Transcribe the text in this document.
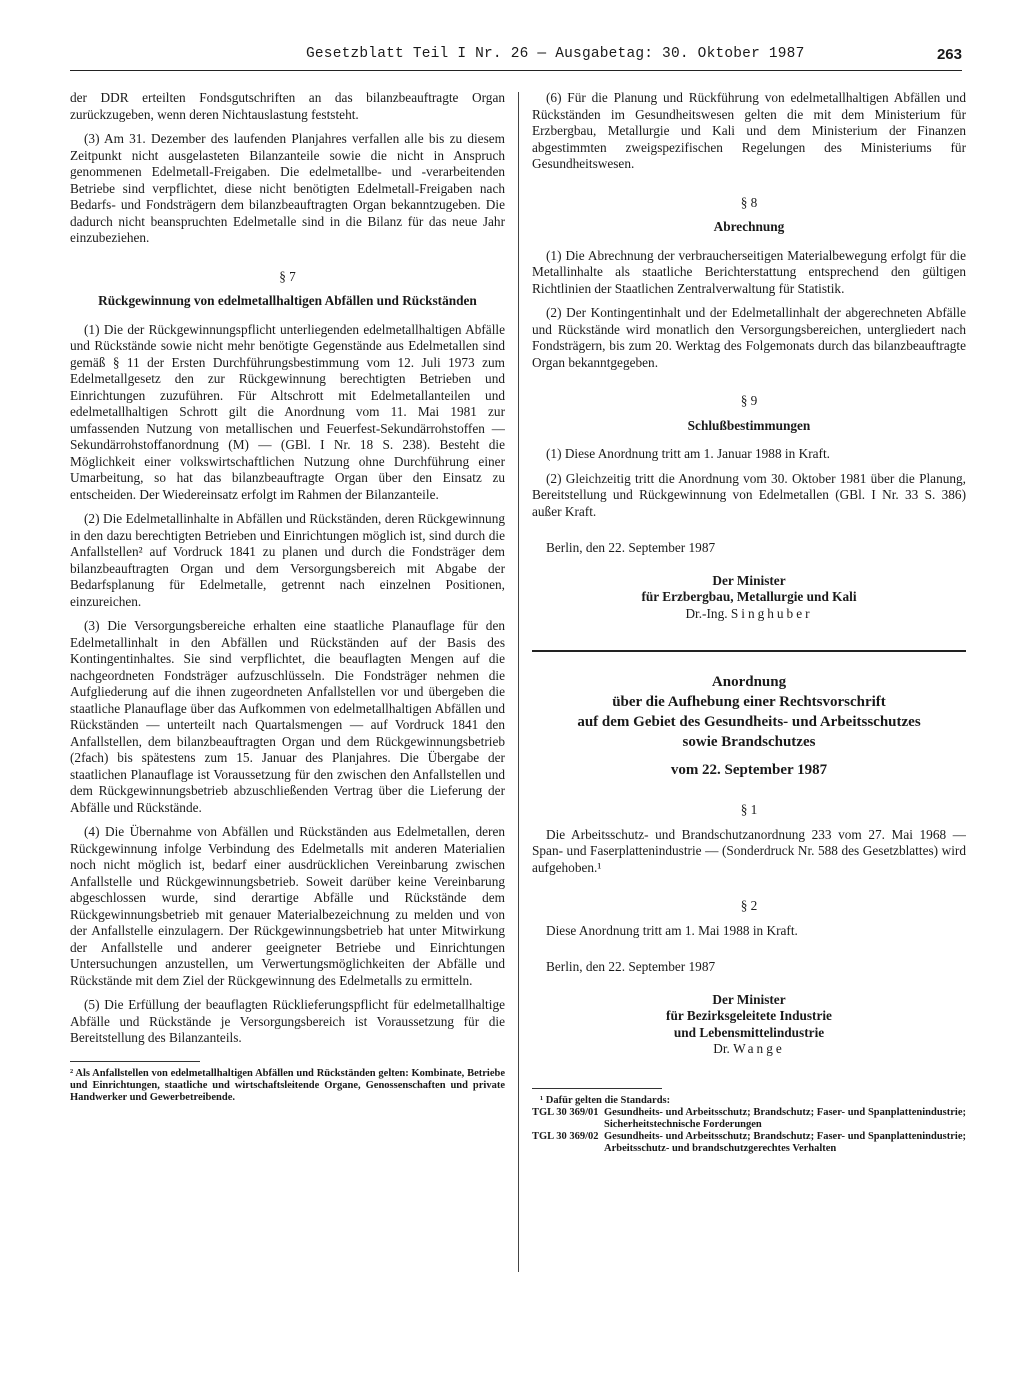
Gesetzblatt Teil I Nr. 26 — Ausgabetag: 30. Oktober 1987	263

der DDR erteilten Fondsgutschriften an das bilanzbeauftragte Organ zurückzugeben, wenn deren Nichtauslastung feststeht.

(3) Am 31. Dezember des laufenden Planjahres verfallen alle bis zu diesem Zeitpunkt nicht ausgelasteten Bilanzanteile sowie die nicht in Anspruch genommenen Edelmetall-Freigaben. Die edelmetallbe- und -verarbeitenden Betriebe sind verpflichtet, diese nicht benötigten Edelmetall-Freigaben nach Bedarfs- und Fondsträgern dem bilanzbeauftragten Organ bekanntzugeben. Die dadurch nicht beanspruchten Edelmetalle sind in die Bilanz für das neue Jahr einzubeziehen.

§ 7

Rückgewinnung von edelmetallhaltigen Abfällen und Rückständen

(1) Die der Rückgewinnungspflicht unterliegenden edelmetallhaltigen Abfälle und Rückstände sowie nicht mehr benötigte Gegenstände aus Edelmetallen sind gemäß § 11 der Ersten Durchführungsbestimmung vom 12. Juli 1973 zum Edelmetallgesetz den zur Rückgewinnung berechtigten Betrieben und Einrichtungen zuzuführen. Für Altschrott mit Edelmetallanteilen und edelmetallhaltigen Schrott gilt die Anordnung vom 11. Mai 1981 zur umfassenden Nutzung von metallischen und Feuerfest-Sekundärrohstoffen — Sekundärrohstoffanordnung (M) — (GBl. I Nr. 18 S. 238). Besteht die Möglichkeit einer volkswirtschaftlichen Nutzung ohne Durchführung einer Umarbeitung, so hat das bilanzbeauftragte Organ über den Einsatz zu entscheiden. Der Wiedereinsatz erfolgt im Rahmen der Bilanzanteile.

(2) Die Edelmetallinhalte in Abfällen und Rückständen, deren Rückgewinnung in den dazu berechtigten Betrieben und Einrichtungen möglich ist, sind durch die Anfallstellen² auf Vordruck 1841 zu planen und durch die Fondsträger dem bilanzbeauftragten Organ und dem Versorgungsbereich mit Abgabe der Bedarfsplanung für Edelmetalle, getrennt nach einzelnen Positionen, einzureichen.

(3) Die Versorgungsbereiche erhalten eine staatliche Planauflage für den Edelmetallinhalt in den Abfällen und Rückständen auf der Basis des Kontingentinhaltes. Sie sind verpflichtet, die beauflagten Mengen auf die nachgeordneten Fondsträger aufzuschlüsseln. Die Fondsträger nehmen die Aufgliederung auf die ihnen zugeordneten Anfallstellen vor und übergeben die staatliche Planauflage über das Aufkommen von edelmetallhaltigen Abfällen und Rückständen — unterteilt nach Quartalsmengen — auf Vordruck 1841 den Anfallstellen, dem bilanzbeauftragten Organ und dem Rückgewinnungsbetrieb (2fach) bis spätestens zum 15. Januar des Planjahres. Die Übergabe der staatlichen Planauflage ist Voraussetzung für den zwischen den Anfallstellen und dem Rückgewinnungsbetrieb abzuschließenden Vertrag über die Lieferung der Abfälle und Rückstände.

(4) Die Übernahme von Abfällen und Rückständen aus Edelmetallen, deren Rückgewinnung infolge Verbindung des Edelmetalls mit anderen Materialien noch nicht möglich ist, bedarf einer ausdrücklichen Vereinbarung zwischen Anfallstelle und Rückgewinnungsbetrieb. Soweit darüber keine Vereinbarung abgeschlossen wurde, sind derartige Abfälle und Rückstände dem Rückgewinnungsbetrieb mit genauer Materialbezeichnung zu melden und von der Anfallstelle einzulagern. Der Rückgewinnungsbetrieb hat unter Mitwirkung der Anfallstelle und anderer geeigneter Betriebe und Einrichtungen Untersuchungen anzustellen, um Verwertungsmöglichkeiten der Abfälle und Rückstände mit dem Ziel der Rückgewinnung des Edelmetalls zu ermitteln.

(5) Die Erfüllung der beauflagten Rücklieferungspflicht für edelmetallhaltige Abfälle und Rückstände je Versorgungsbereich ist Voraussetzung für die Bereitstellung des Bilanzanteils.

² Als Anfallstellen von edelmetallhaltigen Abfällen und Rückständen gelten: Kombinate, Betriebe und Einrichtungen, staatliche und wirtschaftsleitende Organe, Genossenschaften und private Handwerker und Gewerbetreibende.

(6) Für die Planung und Rückführung von edelmetallhaltigen Abfällen und Rückständen im Gesundheitswesen gelten die mit dem Ministerium für Erzbergbau, Metallurgie und Kali und dem Ministerium der Finanzen abgestimmten zweigspezifischen Regelungen des Ministeriums für Gesundheitswesen.

§ 8

Abrechnung

(1) Die Abrechnung der verbraucherseitigen Materialbewegung erfolgt für die Metallinhalte als staatliche Berichterstattung entsprechend den gültigen Richtlinien der Staatlichen Zentralverwaltung für Statistik.

(2) Der Kontingentinhalt und der Edelmetallinhalt der abgerechneten Abfälle und Rückstände wird monatlich den Versorgungsbereichen, untergliedert nach Fondsträgern, bis zum 20. Werktag des Folgemonats durch das bilanzbeauftragte Organ bekanntgegeben.

§ 9

Schlußbestimmungen

(1) Diese Anordnung tritt am 1. Januar 1988 in Kraft.

(2) Gleichzeitig tritt die Anordnung vom 30. Oktober 1981 über die Planung, Bereitstellung und Rückgewinnung von Edelmetallen (GBl. I Nr. 33 S. 386) außer Kraft.

Berlin, den 22. September 1987

Der Minister

für Erzbergbau, Metallurgie und Kali

Dr.-Ing. Singhuber

Anordnung

über die Aufhebung einer Rechtsvorschrift

auf dem Gebiet des Gesundheits- und Arbeitsschutzes

sowie Brandschutzes

vom 22. September 1987

§ 1

Die Arbeitsschutz- und Brandschutzanordnung 233 vom 27. Mai 1968 — Span- und Faserplattenindustrie — (Sonderdruck Nr. 588 des Gesetzblattes) wird aufgehoben.¹

§ 2

Diese Anordnung tritt am 1. Mai 1988 in Kraft.

Berlin, den 22. September 1987

Der Minister

für Bezirksgeleitete Industrie

und Lebensmittelindustrie

Dr. Wange

¹ Dafür gelten die Standards:

TGL 30 369/01 Gesundheits- und Arbeitsschutz; Brandschutz; Faser- und Spanplattenindustrie; Sicherheitstechnische Forderungen
TGL 30 369/02 Gesundheits- und Arbeitsschutz; Brandschutz; Faser- und Spanplattenindustrie; Arbeitsschutz- und brandschutzgerechtes Verhalten
